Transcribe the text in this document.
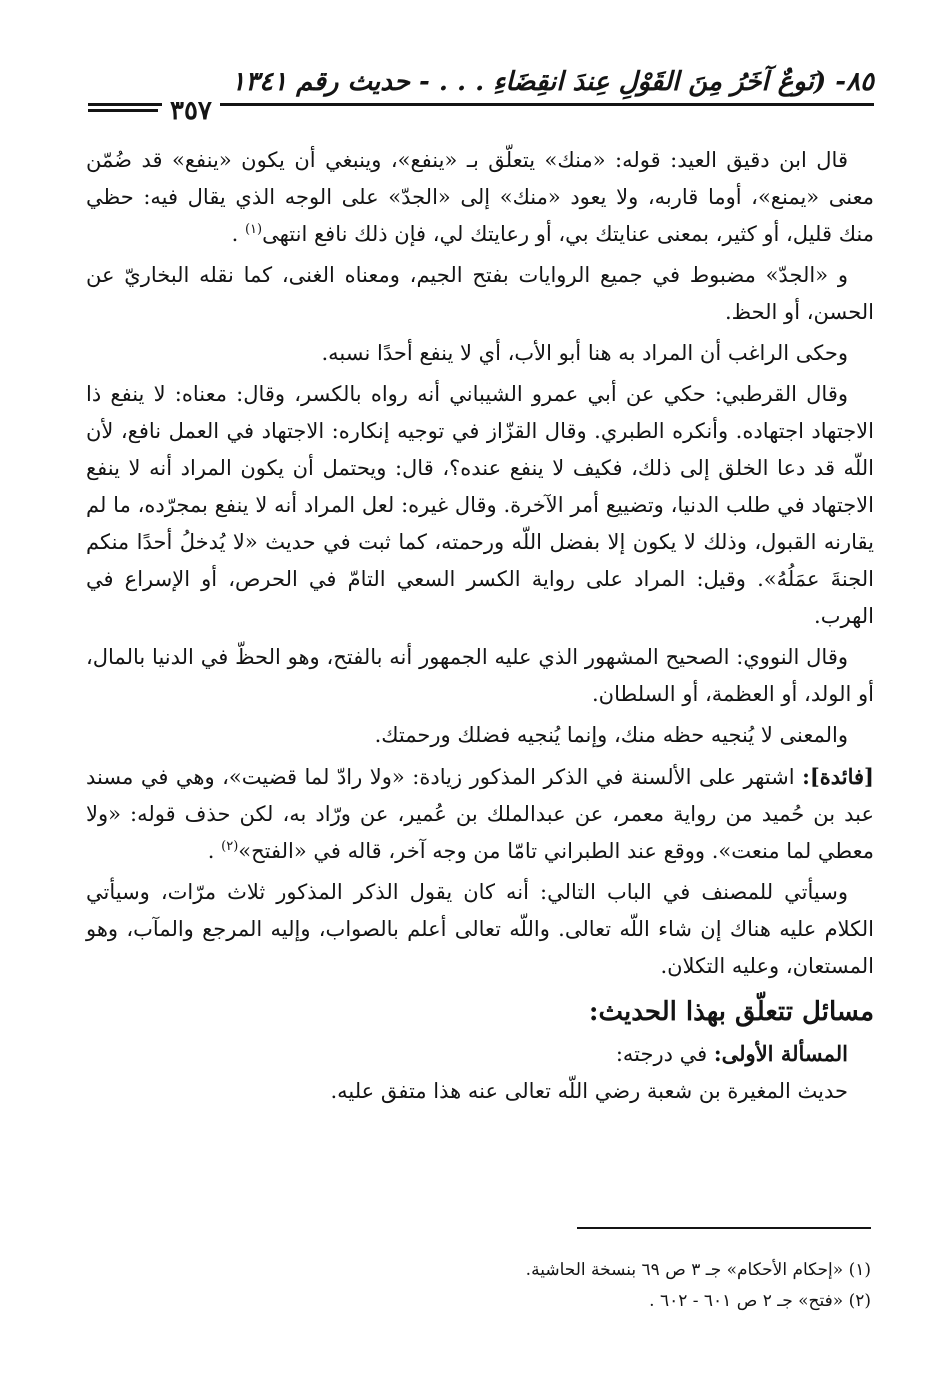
٨٥- (نَوعٌ آخَرُ مِنَ القَوْلِ عِندَ انقِضَاءِ . . . - حديث رقم ١٣٤١
٣٥٧

قال ابن دقيق العيد: قوله: «منك» يتعلّق بـ «ينفع»، وينبغي أن يكون «ينفع» قد ضُمّن معنى «يمنع»، أوما قاربه، ولا يعود «منك» إلى «الجدّ» على الوجه الذي يقال فيه: حظي منك قليل، أو كثير، بمعنى عنايتك بي، أو رعايتك لي، فإن ذلك نافع انتهى$^{(١)}$ .

و «الجدّ» مضبوط في جميع الروايات بفتح الجيم، ومعناه الغنى، كما نقله البخاريّ عن الحسن، أو الحظ.

وحكى الراغب أن المراد به هنا أبو الأب، أي لا ينفع أحدًا نسبه.

وقال القرطبي: حكي عن أبي عمرو الشيباني أنه رواه بالكسر، وقال: معناه: لا ينفع ذا الاجتهاد اجتهاده. وأنكره الطبري. وقال القزّاز في توجيه إنكاره: الاجتهاد في العمل نافع، لأن اللّه قد دعا الخلق إلى ذلك، فكيف لا ينفع عنده؟، قال: ويحتمل أن يكون المراد أنه لا ينفع الاجتهاد في طلب الدنيا، وتضييع أمر الآخرة. وقال غيره: لعل المراد أنه لا ينفع بمجرّده، ما لم يقارنه القبول، وذلك لا يكون إلا بفضل اللّه ورحمته، كما ثبت في حديث «لا يُدخلُ أحدًا منكم الجنةَ عمَلُهُ». وقيل: المراد على رواية الكسر السعي التامّ في الحرص، أو الإسراع في الهرب.

وقال النووي: الصحيح المشهور الذي عليه الجمهور أنه بالفتح، وهو الحظّ في الدنيا بالمال، أو الولد، أو العظمة، أو السلطان.

والمعنى لا يُنجيه حظه منك، وإنما يُنجيه فضلك ورحمتك.

[فائدة]: اشتهر على الألسنة في الذكر المذكور زيادة: «ولا رادّ لما قضيت»، وهي في مسند عبد بن حُميد من رواية معمر، عن عبدالملك بن عُمير، عن ورّاد به، لكن حذف قوله: «ولا معطي لما منعت». ووقع عند الطبراني تامّا من وجه آخر، قاله في «الفتح»$^{(٢)}$ .

وسيأتي للمصنف في الباب التالي: أنه كان يقول الذكر المذكور ثلاث مرّات، وسيأتي الكلام عليه هناك إن شاء اللّه تعالى. واللّه تعالى أعلم بالصواب، وإليه المرجع والمآب، وهو المستعان، وعليه التكلان.

مسائل تتعلّق بهذا الحديث:

المسألة الأولى: في درجته:

حديث المغيرة بن شعبة رضي اللّه تعالى عنه هذا متفق عليه.

(١) «إحكام الأحكام» جـ ٣ ص ٦٩ بنسخة الحاشية.

(٢) «فتح» جـ ٢ ص ٦٠١ - ٦٠٢ .
